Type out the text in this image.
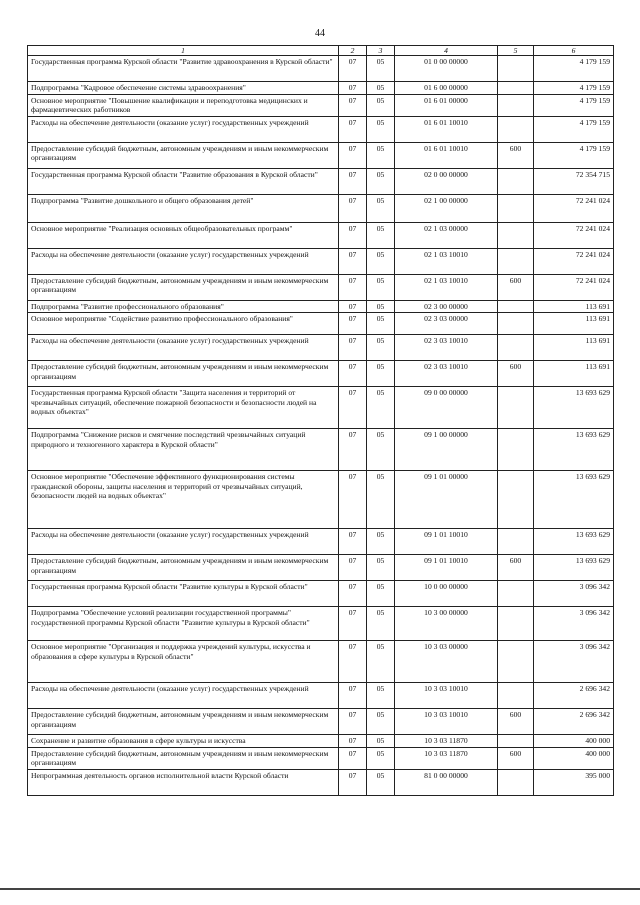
44
1	2	3	4	5	6
Государственная программа Курской области "Развитие здравоохранения в Курской области"	07	05	01 0 00 00000		4 179 159
Подпрограмма "Кадровое обеспечение системы здравоохранения"	07	05	01 6 00 00000		4 179 159
Основное мероприятие "Повышение квалификации и переподготовка медицинских и фармацевтических работников	07	05	01 6 01 00000		4 179 159
Расходы на обеспечение деятельности (оказание услуг) государственных учреждений	07	05	01 6 01 10010		4 179 159
Предоставление субсидий бюджетным, автономным учреждениям и иным некоммерческим организациям	07	05	01 6 01 10010	600	4 179 159
Государственная программа Курской области "Развитие образования в Курской области"	07	05	02 0 00 00000		72 354 715
Подпрограмма "Развитие дошкольного и общего образования детей"	07	05	02 1 00 00000		72 241 024
Основное мероприятие "Реализация основных общеобразовательных программ"	07	05	02 1 03 00000		72 241 024
Расходы на обеспечение деятельности (оказание услуг) государственных учреждений	07	05	02 1 03 10010		72 241 024
Предоставление субсидий бюджетным, автономным учреждениям и иным некоммерческим организациям	07	05	02 1 03 10010	600	72 241 024
Подпрограмма "Развитие профессионального образования"	07	05	02 3 00 00000		113 691
Основное мероприятие "Содействие развитию профессионального образования"	07	05	02 3 03 00000		113 691
Расходы на обеспечение деятельности (оказание услуг) государственных учреждений	07	05	02 3 03 10010		113 691
Предоставление субсидий бюджетным, автономным учреждениям и иным некоммерческим организациям	07	05	02 3 03 10010	600	113 691
Государственная программа Курской области "Защита населения и территорий от чрезвычайных ситуаций, обеспечение пожарной безопасности и безопасности людей на водных объектах"	07	05	09 0 00 00000		13 693 629
Подпрограмма "Снижение рисков и смягчение последствий чрезвычайных ситуаций природного и техногенного характера в Курской области"	07	05	09 1 00 00000		13 693 629
Основное мероприятие "Обеспечение эффективного функционирования системы гражданской обороны, защиты населения и территорий от чрезвычайных ситуаций, безопасности людей на водных объектах"	07	05	09 1 01 00000		13 693 629
Расходы на обеспечение деятельности (оказание услуг) государственных учреждений	07	05	09 1 01 10010		13 693 629
Предоставление субсидий бюджетным, автономным учреждениям и иным некоммерческим организациям	07	05	09 1 01 10010	600	13 693 629
Государственная программа Курской области "Развитие культуры в Курской области"	07	05	10 0 00 00000		3 096 342
Подпрограмма "Обеспечение условий реализации государственной программы" государственной программы Курской области "Развитие культуры в Курской области"	07	05	10 3 00 00000		3 096 342
Основное мероприятие "Организация и поддержка учреждений культуры, искусства и образования в сфере культуры в Курской области"	07	05	10 3 03 00000		3 096 342
Расходы на обеспечение деятельности (оказание услуг) государственных учреждений	07	05	10 3 03 10010		2 696 342
Предоставление субсидий бюджетным, автономным учреждениям и иным некоммерческим организациям	07	05	10 3 03 10010	600	2 696 342
Сохранение и развитие образования в сфере культуры и искусства	07	05	10 3 03 11870		400 000
Предоставление субсидий бюджетным, автономным учреждениям и иным некоммерческим организациям	07	05	10 3 03 11870	600	400 000
Непрограммная деятельность органов исполнительной власти Курской области	07	05	81 0 00 00000		395 000
